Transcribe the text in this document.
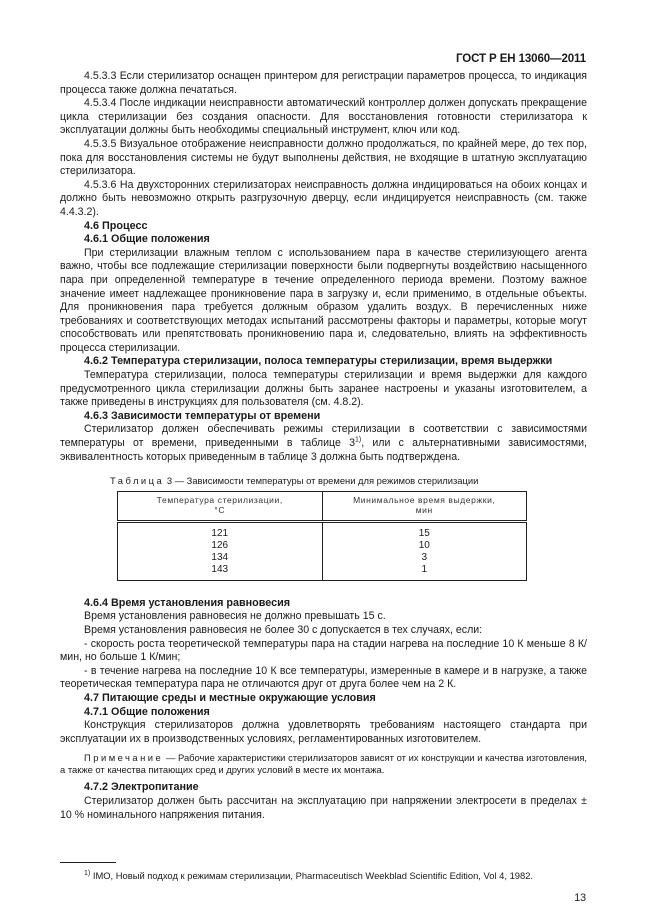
ГОСТ Р ЕН 13060—2011

4.5.3.3 Если стерилизатор оснащен принтером для регистрации параметров процесса, то индикация процесса также должна печататься.

4.5.3.4 После индикации неисправности автоматический контроллер должен допускать прекращение цикла стерилизации без создания опасности. Для восстановления готовности стерилизатора к эксплуатации должны быть необходимы специальный инструмент, ключ или код.

4.5.3.5 Визуальное отображение неисправности должно продолжаться, по крайней мере, до тех пор, пока для восстановления системы не будут выполнены действия, не входящие в штатную эксплуатацию стерилизатора.

4.5.3.6 На двухсторонних стерилизаторах неисправность должна индицироваться на обоих концах и должно быть невозможно открыть разгрузочную дверцу, если индицируется неисправность (см. также 4.4.3.2).

4.6 Процесс

4.6.1 Общие положения

При стерилизации влажным теплом с использованием пара в качестве стерилизующего агента важно, чтобы все подлежащие стерилизации поверхности были подвергнуты воздействию насыщенного пара при определенной температуре в течение определенного периода времени. Поэтому важное значение имеет надлежащее проникновение пара в загрузку и, если применимо, в отдельные объекты. Для проникновения пара требуется должным образом удалить воздух. В перечисленных ниже требованиях и соответствующих методах испытаний рассмотрены факторы и параметры, которые могут способствовать или препятствовать проникновению пара и, следовательно, влиять на эффективность процесса стерилизации.

4.6.2 Температура стерилизации, полоса температуры стерилизации, время выдержки

Температура стерилизации, полоса температуры стерилизации и время выдержки для каждого предусмотренного цикла стерилизации должны быть заранее настроены и указаны изготовителем, а также приведены в инструкциях для пользователя (см. 4.8.2).

4.6.3 Зависимости температуры от времени

Стерилизатор должен обеспечивать режимы стерилизации в соответствии с зависимостями температуры от времени, приведенными в таблице 3$^{1)}$, или с альтернативными зависимостями, эквивалентность которых приведенным в таблице 3 должна быть подтверждена.

Таблица 3 — Зависимости температуры от времени для режимов стерилизации
Температура стерилизации,
°С	Минимальное время выдержки,
мин
121	15
126	10
134	3
143	1

4.6.4 Время установления равновесия

Время установления равновесия не должно превышать 15 с.

Время установления равновесия не более 30 с допускается в тех случаях, если:

- скорость роста теоретической температуры пара на стадии нагрева на последние 10 К меньше 8 К/мин, но больше 1 К/мин;

- в течение нагрева на последние 10 К все температуры, измеренные в камере и в нагрузке, а также теоретическая температура пара не отличаются друг от друга более чем на 2 К.

4.7 Питающие среды и местные окружающие условия

4.7.1 Общие положения

Конструкция стерилизаторов должна удовлетворять требованиям настоящего стандарта при эксплуатации их в производственных условиях, регламентированных изготовителем.

Примечание — Рабочие характеристики стерилизаторов зависят от их конструкции и качества изготовления, а также от качества питающих сред и других условий в месте их монтажа.

4.7.2 Электропитание

Стерилизатор должен быть рассчитан на эксплуатацию при напряжении электросети в пределах ± 10 % номинального напряжения питания.

$^{1)}$ IMO, Новый подход к режимам стерилизации, Pharmaceutisch Weekblad Scientific Edition, Vol 4, 1982.
13
